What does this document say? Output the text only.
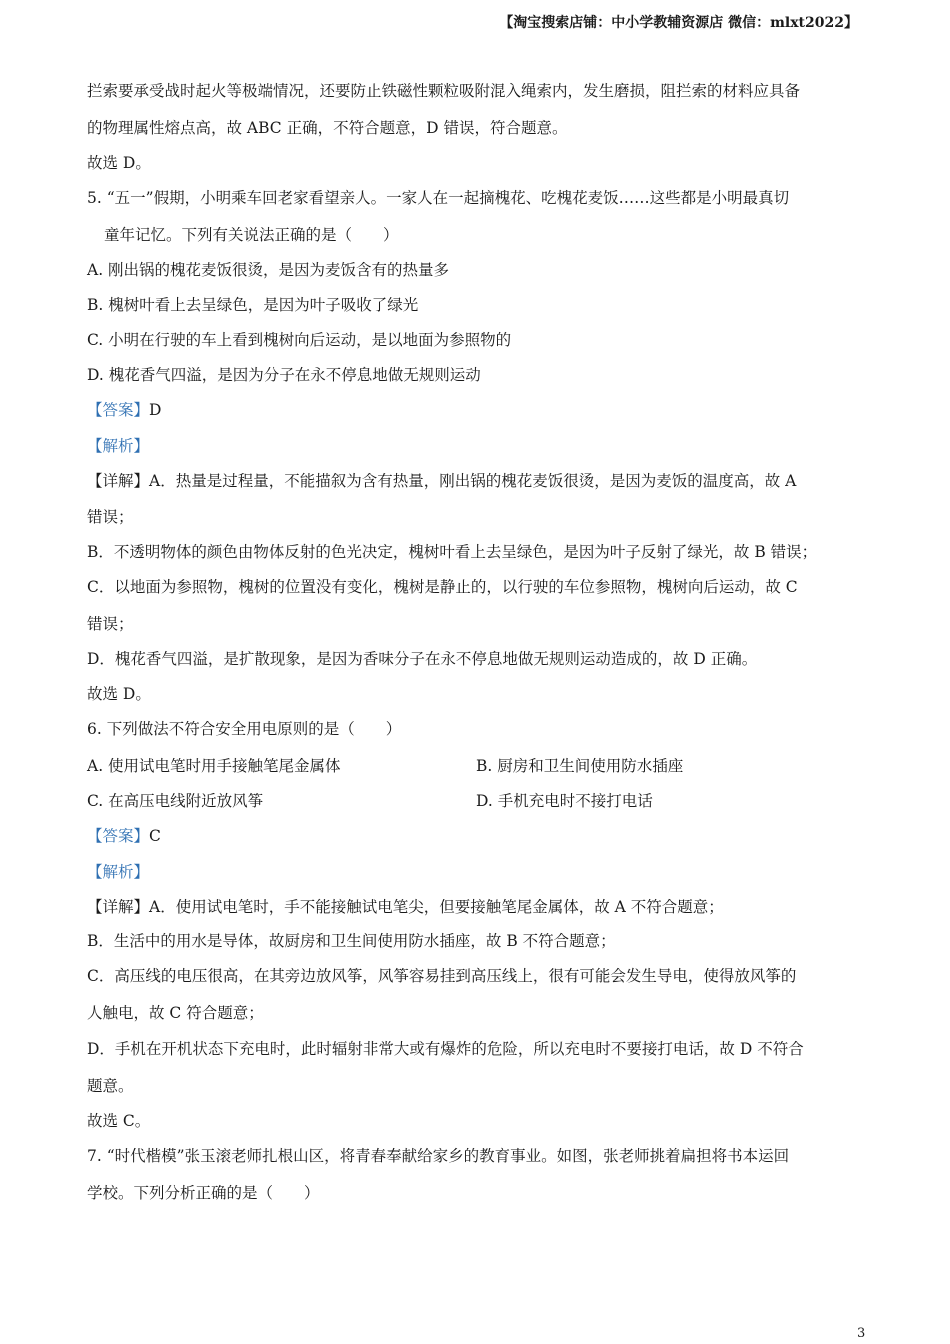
【淘宝搜索店铺：中小学教辅资源店 微信：mlxt2022】
拦索要承受战时起火等极端情况，还要防止铁磁性颗粒吸附混入绳索内，发生磨损，阻拦索的材料应具备
的物理属性熔点高，故 ABC 正确，不符合题意，D 错误，符合题意。
故选 D。
5. “五一”假期，小明乘车回老家看望亲人。一家人在一起摘槐花、吃槐花麦饭……这些都是小明最真切
童年记忆。下列有关说法正确的是（　　）
A. 刚出锅的槐花麦饭很烫，是因为麦饭含有的热量多
B. 槐树叶看上去呈绿色，是因为叶子吸收了绿光
C. 小明在行驶的车上看到槐树向后运动，是以地面为参照物的
D. 槐花香气四溢，是因为分子在永不停息地做无规则运动
【答案】D
【解析】
【详解】A．热量是过程量，不能描叙为含有热量，刚出锅的槐花麦饭很烫，是因为麦饭的温度高，故 A
错误；
B．不透明物体的颜色由物体反射的色光决定，槐树叶看上去呈绿色，是因为叶子反射了绿光，故 B 错误；
C．以地面为参照物，槐树的位置没有变化，槐树是静止的，以行驶的车位参照物，槐树向后运动，故 C
错误；
D．槐花香气四溢，是扩散现象，是因为香味分子在永不停息地做无规则运动造成的，故 D 正确。
故选 D。
6. 下列做法不符合安全用电原则的是（　　）
A. 使用试电笔时用手接触笔尾金属体	B. 厨房和卫生间使用防水插座
C. 在高压电线附近放风筝	D. 手机充电时不接打电话
【答案】C
【解析】
【详解】A．使用试电笔时，手不能接触试电笔尖，但要接触笔尾金属体，故 A 不符合题意；
B．生活中的用水是导体，故厨房和卫生间使用防水插座，故 B 不符合题意；
C．高压线的电压很高，在其旁边放风筝，风筝容易挂到高压线上，很有可能会发生导电，使得放风筝的
人触电，故 C 符合题意；
D．手机在开机状态下充电时，此时辐射非常大或有爆炸的危险，所以充电时不要接打电话，故 D 不符合
题意。
故选 C。
7. “时代楷模”张玉滚老师扎根山区，将青春奉献给家乡的教育事业。如图，张老师挑着扁担将书本运回
学校。下列分析正确的是（　　）
3
